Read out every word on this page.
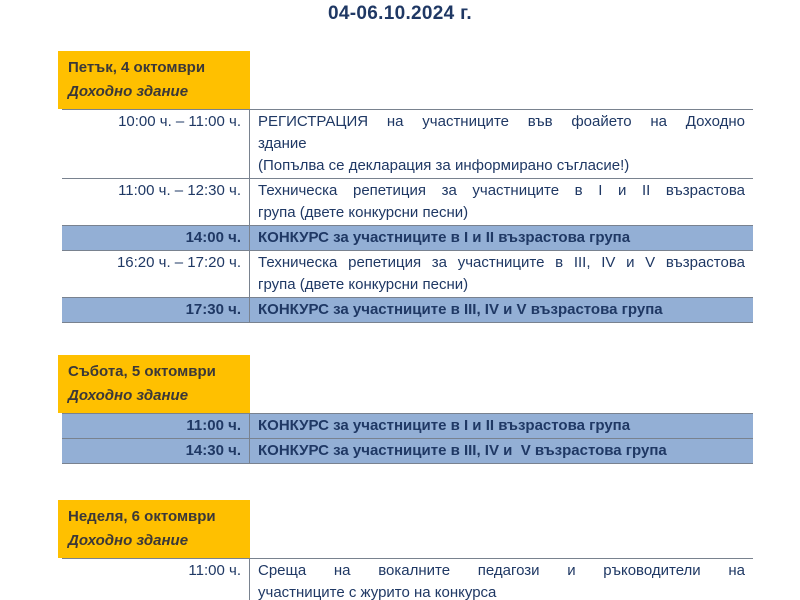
04-06.10.2024 г.
Петък, 4 октомври
Доходно здание
10:00 ч. – 11:00 ч.	РЕГИСТРАЦИЯ на участниците във фоайето на Доходно
здание
(Попълва се декларация за информирано съгласие!)
11:00 ч. – 12:30 ч.	Техническа репетиция за участниците в I и II възрастова
група (двете конкурсни песни)
14:00 ч.	КОНКУРС за участниците в I и II възрастова група
16:20 ч. – 17:20 ч.	Техническа репетиция за участниците в III, IV и V възрастова
група (двете конкурсни песни)
17:30 ч.	КОНКУРС за участниците в III, IV и V възрастова група
Събота, 5 октомври
Доходно здание
11:00 ч.	КОНКУРС за участниците в I и II възрастова група
14:30 ч.	КОНКУРС за участниците в III, IV и  V възрастова група
Неделя, 6 октомври
Доходно здание
11:00 ч.	Среща на вокалните педагози и ръководители на
участниците с журито на конкурса
